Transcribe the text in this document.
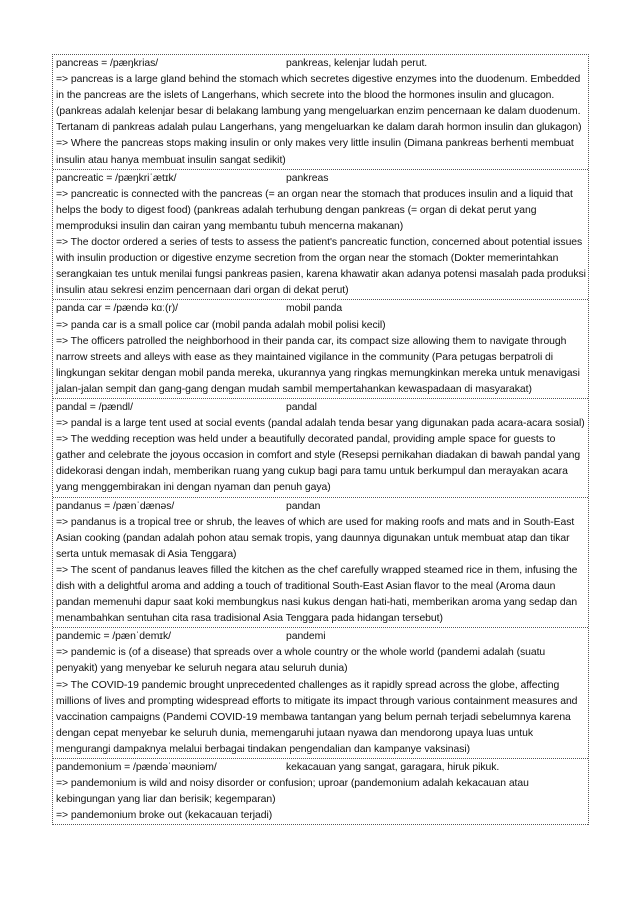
pancreas = /pæŋkrias/	pankreas, kelenjar ludah perut.
=> pancreas is a large gland behind the stomach which secretes digestive enzymes into the duodenum. Embedded in the pancreas are the islets of Langerhans, which secrete into the blood the hormones insulin and glucagon. (pankreas adalah kelenjar besar di belakang lambung yang mengeluarkan enzim pencernaan ke dalam duodenum. Tertanam di pankreas adalah pulau Langerhans, yang mengeluarkan ke dalam darah hormon insulin dan glukagon)
=> Where the pancreas stops making insulin or only makes very little insulin (Dimana pankreas berhenti membuat insulin atau hanya membuat insulin sangat sedikit)
pancreatic = /pæŋkriˈætɪk/	pankreas
=> pancreatic is connected with the pancreas (= an organ near the stomach that produces insulin and a liquid that helps the body to digest food) (pankreas adalah terhubung dengan pankreas (= organ di dekat perut yang memproduksi insulin dan cairan yang membantu tubuh mencerna makanan)
=> The doctor ordered a series of tests to assess the patient's pancreatic function, concerned about potential issues with insulin production or digestive enzyme secretion from the organ near the stomach (Dokter memerintahkan serangkaian tes untuk menilai fungsi pankreas pasien, karena khawatir akan adanya potensi masalah pada produksi insulin atau sekresi enzim pencernaan dari organ di dekat perut)
panda car = /pændə kɑː(r)/	mobil panda
=> panda car is a small police car (mobil panda adalah mobil polisi kecil)
=> The officers patrolled the neighborhood in their panda car, its compact size allowing them to navigate through narrow streets and alleys with ease as they maintained vigilance in the community (Para petugas berpatroli di lingkungan sekitar dengan mobil panda mereka, ukurannya yang ringkas memungkinkan mereka untuk menavigasi jalan-jalan sempit dan gang-gang dengan mudah sambil mempertahankan kewaspadaan di masyarakat)
pandal = /pændl/	pandal
=> pandal is a large tent used at social events (pandal adalah tenda besar yang digunakan pada acara-acara sosial)
=> The wedding reception was held under a beautifully decorated pandal, providing ample space for guests to gather and celebrate the joyous occasion in comfort and style (Resepsi pernikahan diadakan di bawah pandal yang didekorasi dengan indah, memberikan ruang yang cukup bagi para tamu untuk berkumpul dan merayakan acara yang menggembirakan ini dengan nyaman dan penuh gaya)
pandanus = /pænˈdænəs/	pandan
=> pandanus is a tropical tree or shrub, the leaves of which are used for making roofs and mats and in South-East Asian cooking (pandan adalah pohon atau semak tropis, yang daunnya digunakan untuk membuat atap dan tikar serta untuk memasak di Asia Tenggara)
=> The scent of pandanus leaves filled the kitchen as the chef carefully wrapped steamed rice in them, infusing the dish with a delightful aroma and adding a touch of traditional South-East Asian flavor to the meal (Aroma daun pandan memenuhi dapur saat koki membungkus nasi kukus dengan hati-hati, memberikan aroma yang sedap dan menambahkan sentuhan cita rasa tradisional Asia Tenggara pada hidangan tersebut)
pandemic = /pænˈdemɪk/	pandemi
=> pandemic is (of a disease) that spreads over a whole country or the whole world (pandemi adalah (suatu penyakit) yang menyebar ke seluruh negara atau seluruh dunia)
=> The COVID-19 pandemic brought unprecedented challenges as it rapidly spread across the globe, affecting millions of lives and prompting widespread efforts to mitigate its impact through various containment measures and vaccination campaigns (Pandemi COVID-19 membawa tantangan yang belum pernah terjadi sebelumnya karena dengan cepat menyebar ke seluruh dunia, memengaruhi jutaan nyawa dan mendorong upaya luas untuk mengurangi dampaknya melalui berbagai tindakan pengendalian dan kampanye vaksinasi)
pandemonium = /pændəˈməʊniəm/	kekacauan yang sangat, garagara, hiruk pikuk.
=> pandemonium is wild and noisy disorder or confusion; uproar (pandemonium adalah kekacauan atau kebingungan yang liar dan berisik; kegemparan)
=> pandemonium broke out (kekacauan terjadi)
